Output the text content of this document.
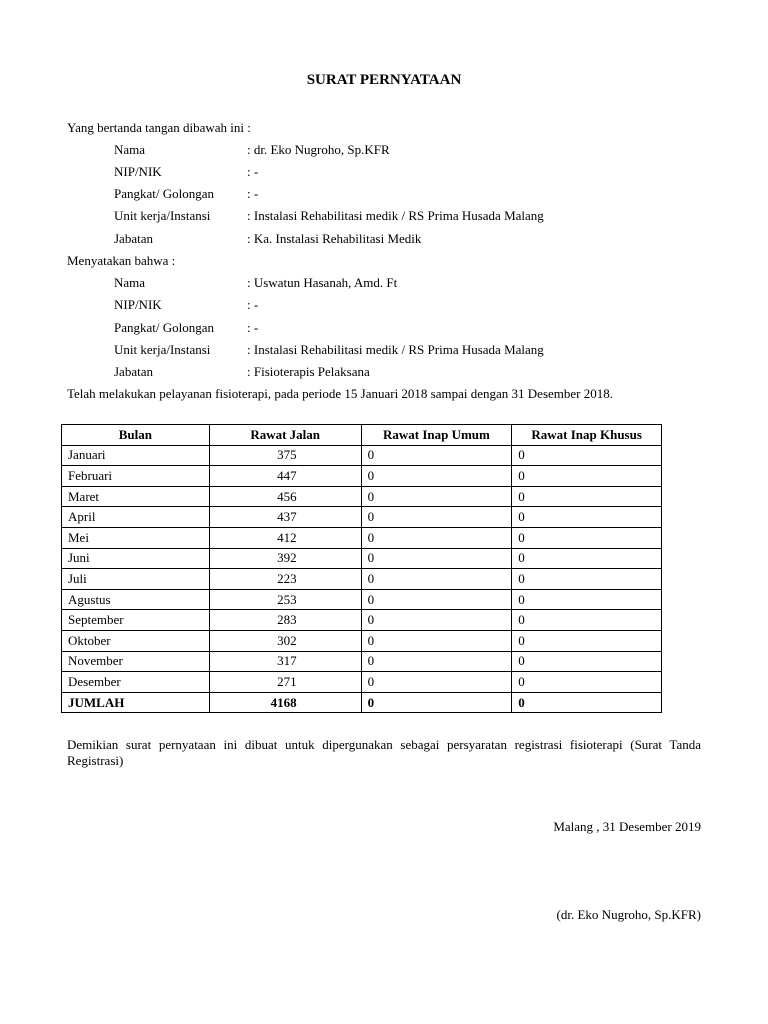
SURAT PERNYATAAN
Yang bertanda tangan dibawah ini :
Nama	: dr. Eko Nugroho, Sp.KFR
NIP/NIK	: -
Pangkat/ Golongan	: -
Unit kerja/Instansi	: Instalasi Rehabilitasi medik / RS Prima Husada Malang
Jabatan	: Ka. Instalasi Rehabilitasi Medik
Menyatakan bahwa :
Nama	: Uswatun Hasanah, Amd. Ft
NIP/NIK	: -
Pangkat/ Golongan	: -
Unit kerja/Instansi	: Instalasi Rehabilitasi medik / RS Prima Husada Malang
Jabatan	: Fisioterapis Pelaksana
Telah melakukan pelayanan fisioterapi, pada periode 15 Januari 2018 sampai dengan 31 Desember 2018.
Bulan	Rawat Jalan	Rawat Inap Umum	Rawat Inap Khusus
Januari	375	0	0
Februari	447	0	0
Maret	456	0	0
April	437	0	0
Mei	412	0	0
Juni	392	0	0
Juli	223	0	0
Agustus	253	0	0
September	283	0	0
Oktober	302	0	0
November	317	0	0
Desember	271	0	0
JUMLAH	4168	0	0
Demikian surat pernyataan ini dibuat untuk dipergunakan sebagai persyaratan registrasi fisioterapi (Surat Tanda Registrasi)
Malang , 31 Desember 2019
(dr. Eko Nugroho, Sp.KFR)
